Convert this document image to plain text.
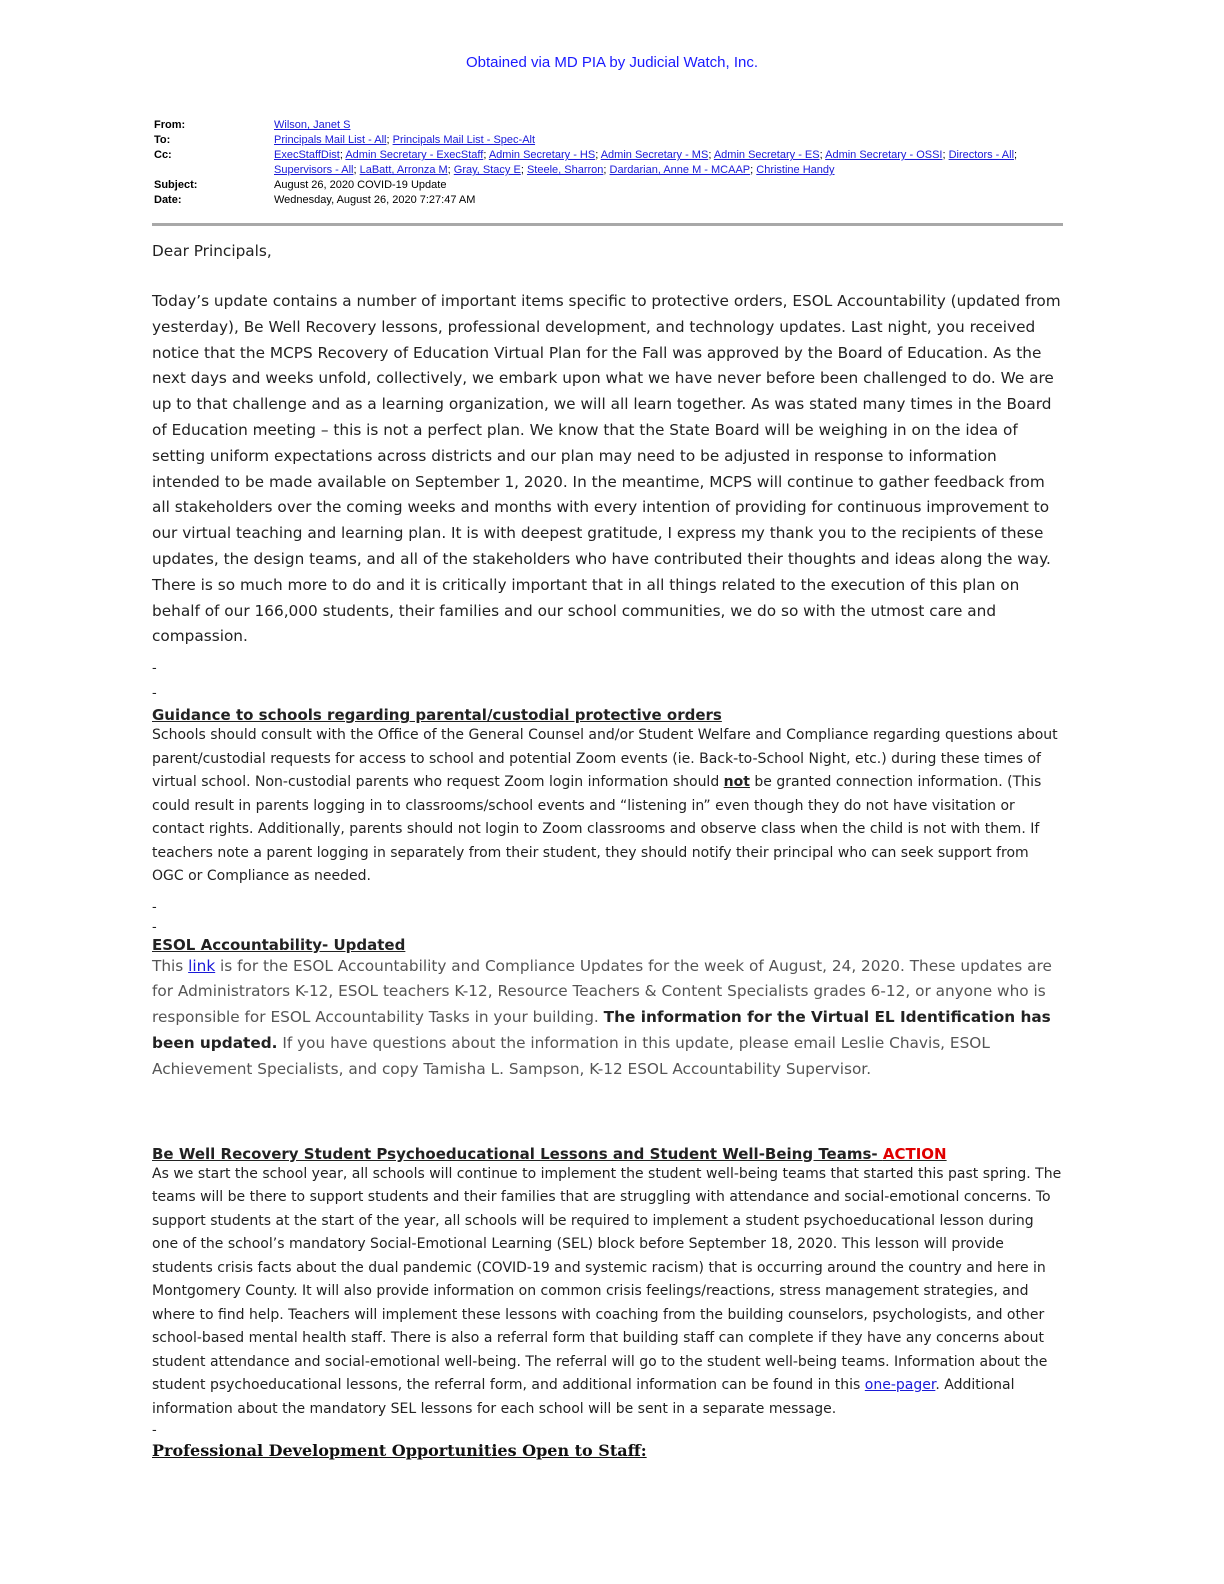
Obtained via MD PIA by Judicial Watch, Inc.
From:	Wilson, Janet S
To:	Principals Mail List - All; Principals Mail List - Spec-Alt
Cc:	ExecStaffDist; Admin Secretary - ExecStaff; Admin Secretary - HS; Admin Secretary - MS; Admin Secretary - ES; Admin Secretary - OSSI; Directors - All; Supervisors - All; LaBatt, Arronza M; Gray, Stacy E; Steele, Sharron; Dardarian, Anne M - MCAAP; Christine Handy
Subject:	August 26, 2020 COVID-19 Update
Date:	Wednesday, August 26, 2020 7:27:47 AM

Dear Principals,

Today’s update contains a number of important items specific to protective orders, ESOL Accountability (updated from yesterday), Be Well Recovery lessons, professional development, and technology updates. Last night, you received notice that the MCPS Recovery of Education Virtual Plan for the Fall was approved by the Board of Education. As the next days and weeks unfold, collectively, we embark upon what we have never before been challenged to do. We are up to that challenge and as a learning organization, we will all learn together. As was stated many times in the Board of Education meeting – this is not a perfect plan. We know that the State Board will be weighing in on the idea of setting uniform expectations across districts and our plan may need to be adjusted in response to information intended to be made available on September 1, 2020. In the meantime, MCPS will continue to gather feedback from all stakeholders over the coming weeks and months with every intention of providing for continuous improvement to our virtual teaching and learning plan. It is with deepest gratitude, I express my thank you to the recipients of these updates, the design teams, and all of the stakeholders who have contributed their thoughts and ideas along the way. There is so much more to do and it is critically important that in all things related to the execution of this plan on behalf of our 166,000 students, their families and our school communities, we do so with the utmost care and compassion.

-

-

Guidance to schools regarding parental/custodial protective orders

Schools should consult with the Office of the General Counsel and/or Student Welfare and Compliance regarding questions about parent/custodial requests for access to school and potential Zoom events (ie. Back-to-School Night, etc.) during these times of virtual school. Non-custodial parents who request Zoom login information should not be granted connection information. (This could result in parents logging in to classrooms/school events and “listening in” even though they do not have visitation or contact rights. Additionally, parents should not login to Zoom classrooms and observe class when the child is not with them. If teachers note a parent logging in separately from their student, they should notify their principal who can seek support from OGC or Compliance as needed.

-

-

ESOL Accountability- Updated

This link is for the ESOL Accountability and Compliance Updates for the week of August, 24, 2020. These updates are for Administrators K-12, ESOL teachers K-12, Resource Teachers & Content Specialists grades 6-12, or anyone who is responsible for ESOL Accountability Tasks in your building. The information for the Virtual EL Identification has been updated. If you have questions about the information in this update, please email Leslie Chavis, ESOL Achievement Specialists, and copy Tamisha L. Sampson, K-12 ESOL Accountability Supervisor.

Be Well Recovery Student Psychoeducational Lessons and Student Well-Being Teams- ACTION

As we start the school year, all schools will continue to implement the student well-being teams that started this past spring. The teams will be there to support students and their families that are struggling with attendance and social-emotional concerns. To support students at the start of the year, all schools will be required to implement a student psychoeducational lesson during one of the school’s mandatory Social-Emotional Learning (SEL) block before September 18, 2020. This lesson will provide students crisis facts about the dual pandemic (COVID-19 and systemic racism) that is occurring around the country and here in Montgomery County. It will also provide information on common crisis feelings/reactions, stress management strategies, and where to find help. Teachers will implement these lessons with coaching from the building counselors, psychologists, and other school-based mental health staff. There is also a referral form that building staff can complete if they have any concerns about student attendance and social-emotional well-being. The referral will go to the student well-being teams. Information about the student psychoeducational lessons, the referral form, and additional information can be found in this one-pager. Additional information about the mandatory SEL lessons for each school will be sent in a separate message.

-

Professional Development Opportunities Open to Staff:
